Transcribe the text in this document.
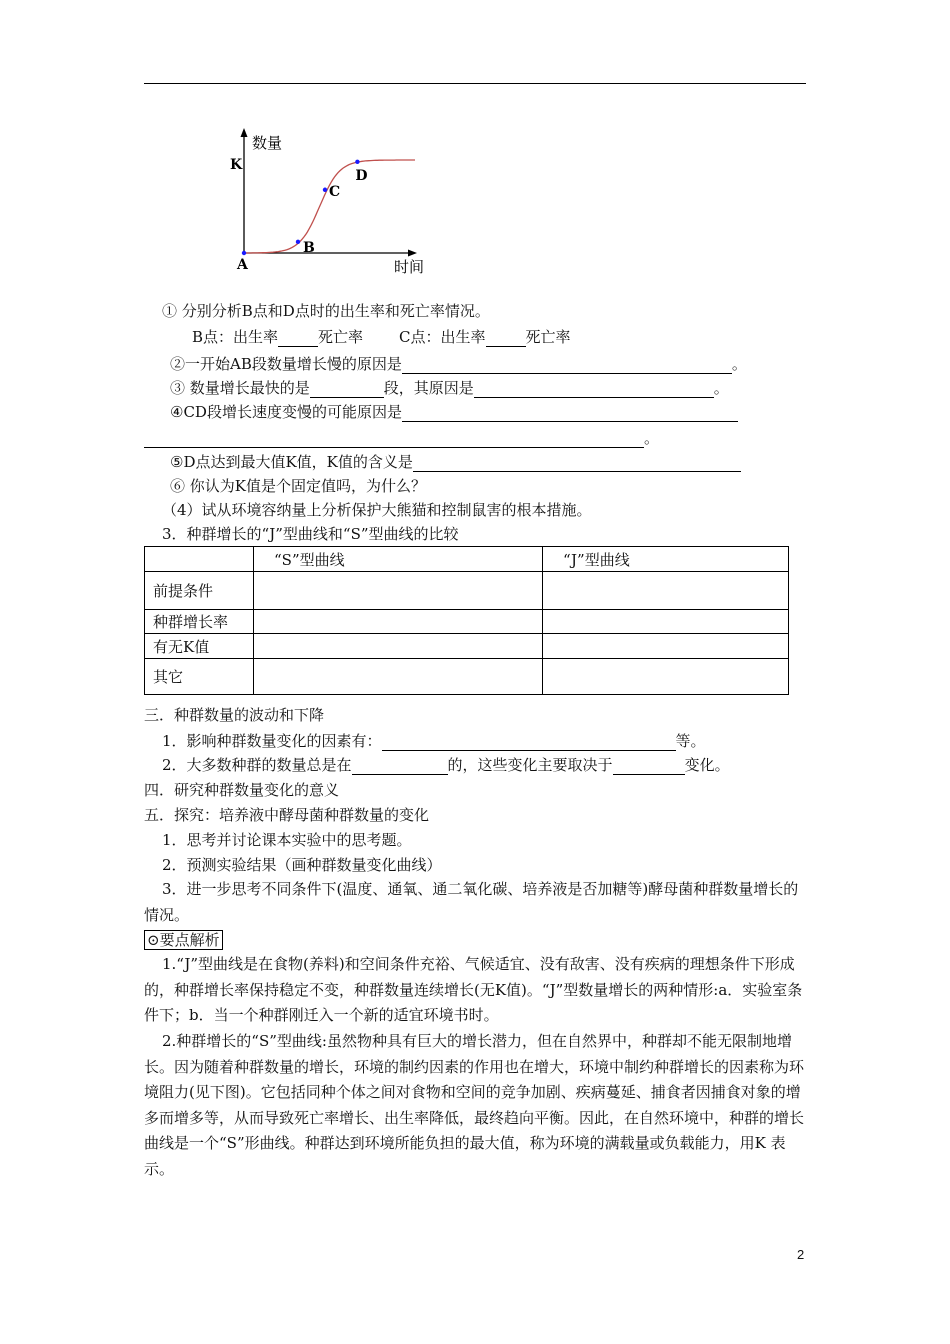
数量
K
时间
A
B
C
D
① 分别分析B点和D点时的出生率和死亡率情况。
B点：出生率	死亡率 C点：出生率	死亡率
②一开始AB段数量增长慢的原因是	。
③ 数量增长最快的是	段，其原因是	。
④CD段增长速度变慢的可能原因是
。
⑤D点达到最大值K值，K值的含义是
⑥ 你认为K值是个固定值吗，为什么？
（4）试从环境容纳量上分析保护大熊猫和控制鼠害的根本措施。
3．种群增长的“J”型曲线和“S”型曲线的比较
	“S”型曲线	“J”型曲线
前提条件		
种群增长率		
有无K值		
其它		
三．种群数量的波动和下降
1．影响种群数量变化的因素有：	等。
2．大多数种群的数量总是在	的，这些变化主要取决于	变化。
四．研究种群数量变化的意义
五．探究：培养液中酵母菌种群数量的变化
1．思考并讨论课本实验中的思考题。
2．预测实验结果（画种群数量变化曲线）
3．进一步思考不同条件下(温度、通氧、通二氧化碳、培养液是否加糖等)酵母菌种群数量增长的情况。
⊙要点解析
1.“J”型曲线是在食物(养料)和空间条件充裕、气候适宜、没有敌害、没有疾病的理想条件下形成的，种群增长率保持稳定不变，种群数量连续增长(无K值)。“J”型数量增长的两种情形:a．实验室条件下；b．当一个种群刚迁入一个新的适宜环境书时。
2.种群增长的“S”型曲线:虽然物种具有巨大的增长潜力，但在自然界中，种群却不能无限制地增长。因为随着种群数量的增长，环境的制约因素的作用也在增大，环境中制约种群增长的因素称为环境阻力(见下图)。它包括同种个体之间对食物和空间的竞争加剧、疾病蔓延、捕食者因捕食对象的增多而增多等，从而导致死亡率增长、出生率降低，最终趋向平衡。因此，在自然环境中，种群的增长曲线是一个“S”形曲线。种群达到环境所能负担的最大值，称为环境的满载量或负载能力，用K 表示。
2
